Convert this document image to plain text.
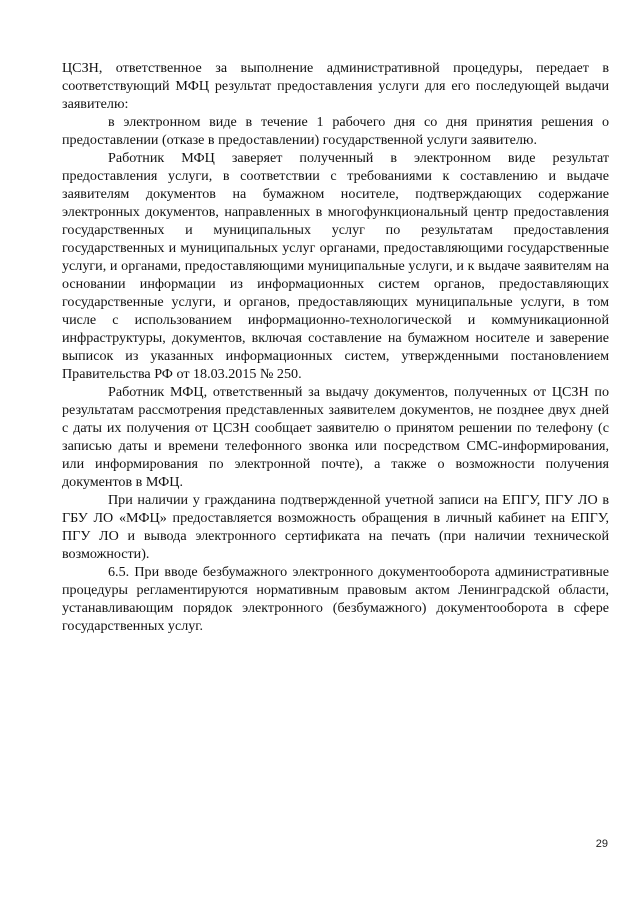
ЦСЗН, ответственное за выполнение административной процедуры, передает в соответствующий МФЦ результат предоставления услуги для его последующей выдачи заявителю:

в электронном виде в течение 1 рабочего дня со дня принятия решения о предоставлении (отказе в предоставлении) государственной услуги заявителю.

Работник МФЦ заверяет полученный в электронном виде результат предоставления услуги, в соответствии с требованиями к составлению и выдаче заявителям документов на бумажном носителе, подтверждающих содержание электронных документов, направленных в многофункциональный центр предоставления государственных и муниципальных услуг по результатам предоставления государственных и муниципальных услуг органами, предоставляющими государственные услуги, и органами, предоставляющими муниципальные услуги, и к выдаче заявителям на основании информации из информационных систем органов, предоставляющих государственные услуги, и органов, предоставляющих муниципальные услуги, в том числе с использованием информационно-технологической и коммуникационной инфраструктуры, документов, включая составление на бумажном носителе и заверение выписок из указанных информационных систем, утвержденными постановлением Правительства РФ от 18.03.2015 № 250.

Работник МФЦ, ответственный за выдачу документов, полученных от ЦСЗН по результатам рассмотрения представленных заявителем документов, не позднее двух дней с даты их получения от ЦСЗН сообщает заявителю о принятом решении по телефону (с записью даты и времени телефонного звонка или посредством СМС-информирования, или информирования по электронной почте), а также о возможности получения документов в МФЦ.

При наличии у гражданина подтвержденной учетной записи на ЕПГУ, ПГУ ЛО в ГБУ ЛО «МФЦ» предоставляется возможность обращения в личный кабинет на ЕПГУ, ПГУ ЛО и вывода электронного сертификата на печать (при наличии технической возможности).

6.5. При вводе безбумажного электронного документооборота административные процедуры регламентируются нормативным правовым актом Ленинградской области, устанавливающим порядок электронного (безбумажного) документооборота в сфере государственных услуг.

29
